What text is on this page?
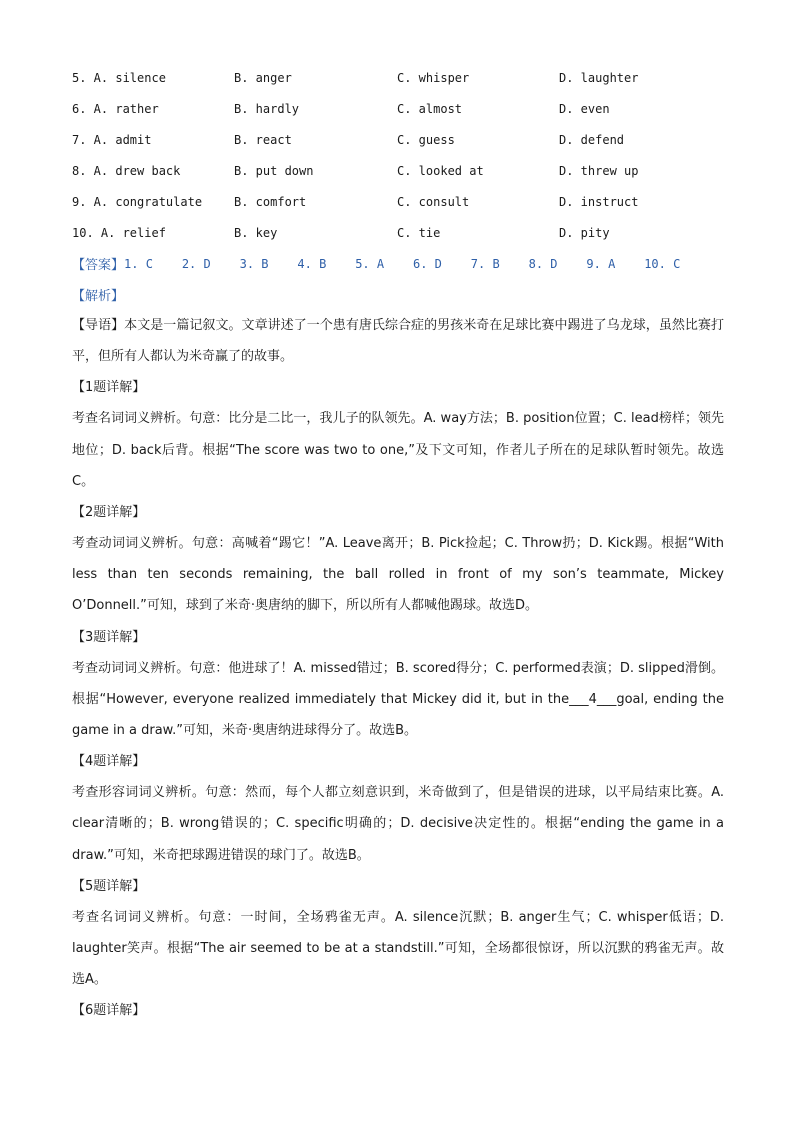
5. A. silence	B. anger	C. whisper	D. laughter
6. A. rather	B. hardly	C. almost	D. even
7. A. admit	B. react	C. guess	D. defend
8. A. drew back	B. put down	C. looked at	D. threw up
9. A. congratulate	B. comfort	C. consult	D. instruct
10. A. relief	B. key	C. tie	D. pity
【答案】 1. C    2. D    3. B    4. B    5. A    6. D    7. B    8. D    9. A    10. C
【解析】

【导语】本文是一篇记叙文。文章讲述了一个患有唐氏综合症的男孩米奇在足球比赛中踢进了乌龙球，虽然比赛打平，但所有人都认为米奇赢了的故事。

【1题详解】

考查名词词义辨析。句意：比分是二比一，我儿子的队领先。A. way方法；B. position位置；C. lead榜样；领先地位；D. back后背。根据“The score was two to one,”及下文可知，作者儿子所在的足球队暂时领先。故选C。

【2题详解】

考查动词词义辨析。句意：高喊着“踢它！”A. Leave离开；B. Pick捡起；C. Throw扔；D. Kick踢。根据“With less than ten seconds remaining, the ball rolled in front of my son’s teammate, Mickey O’Donnell.”可知，球到了米奇·奥唐纳的脚下，所以所有人都喊他踢球。故选D。

【3题详解】

考查动词词义辨析。句意：他进球了！A. missed错过；B. scored得分；C. performed表演；D. slipped滑倒。根据“However, everyone realized immediately that Mickey did it, but in the___4___goal, ending the game in a draw.”可知，米奇·奥唐纳进球得分了。故选B。

【4题详解】

考查形容词词义辨析。句意：然而，每个人都立刻意识到，米奇做到了，但是错误的进球，以平局结束比赛。A. clear清晰的；B. wrong错误的；C. specific明确的；D. decisive决定性的。根据“ending the game in a draw.”可知，米奇把球踢进错误的球门了。故选B。

【5题详解】

考查名词词义辨析。句意：一时间，全场鸦雀无声。A. silence沉默；B. anger生气；C. whisper低语；D. laughter笑声。根据“The air seemed to be at a standstill.”可知，全场都很惊讶，所以沉默的鸦雀无声。故选A。

【6题详解】
